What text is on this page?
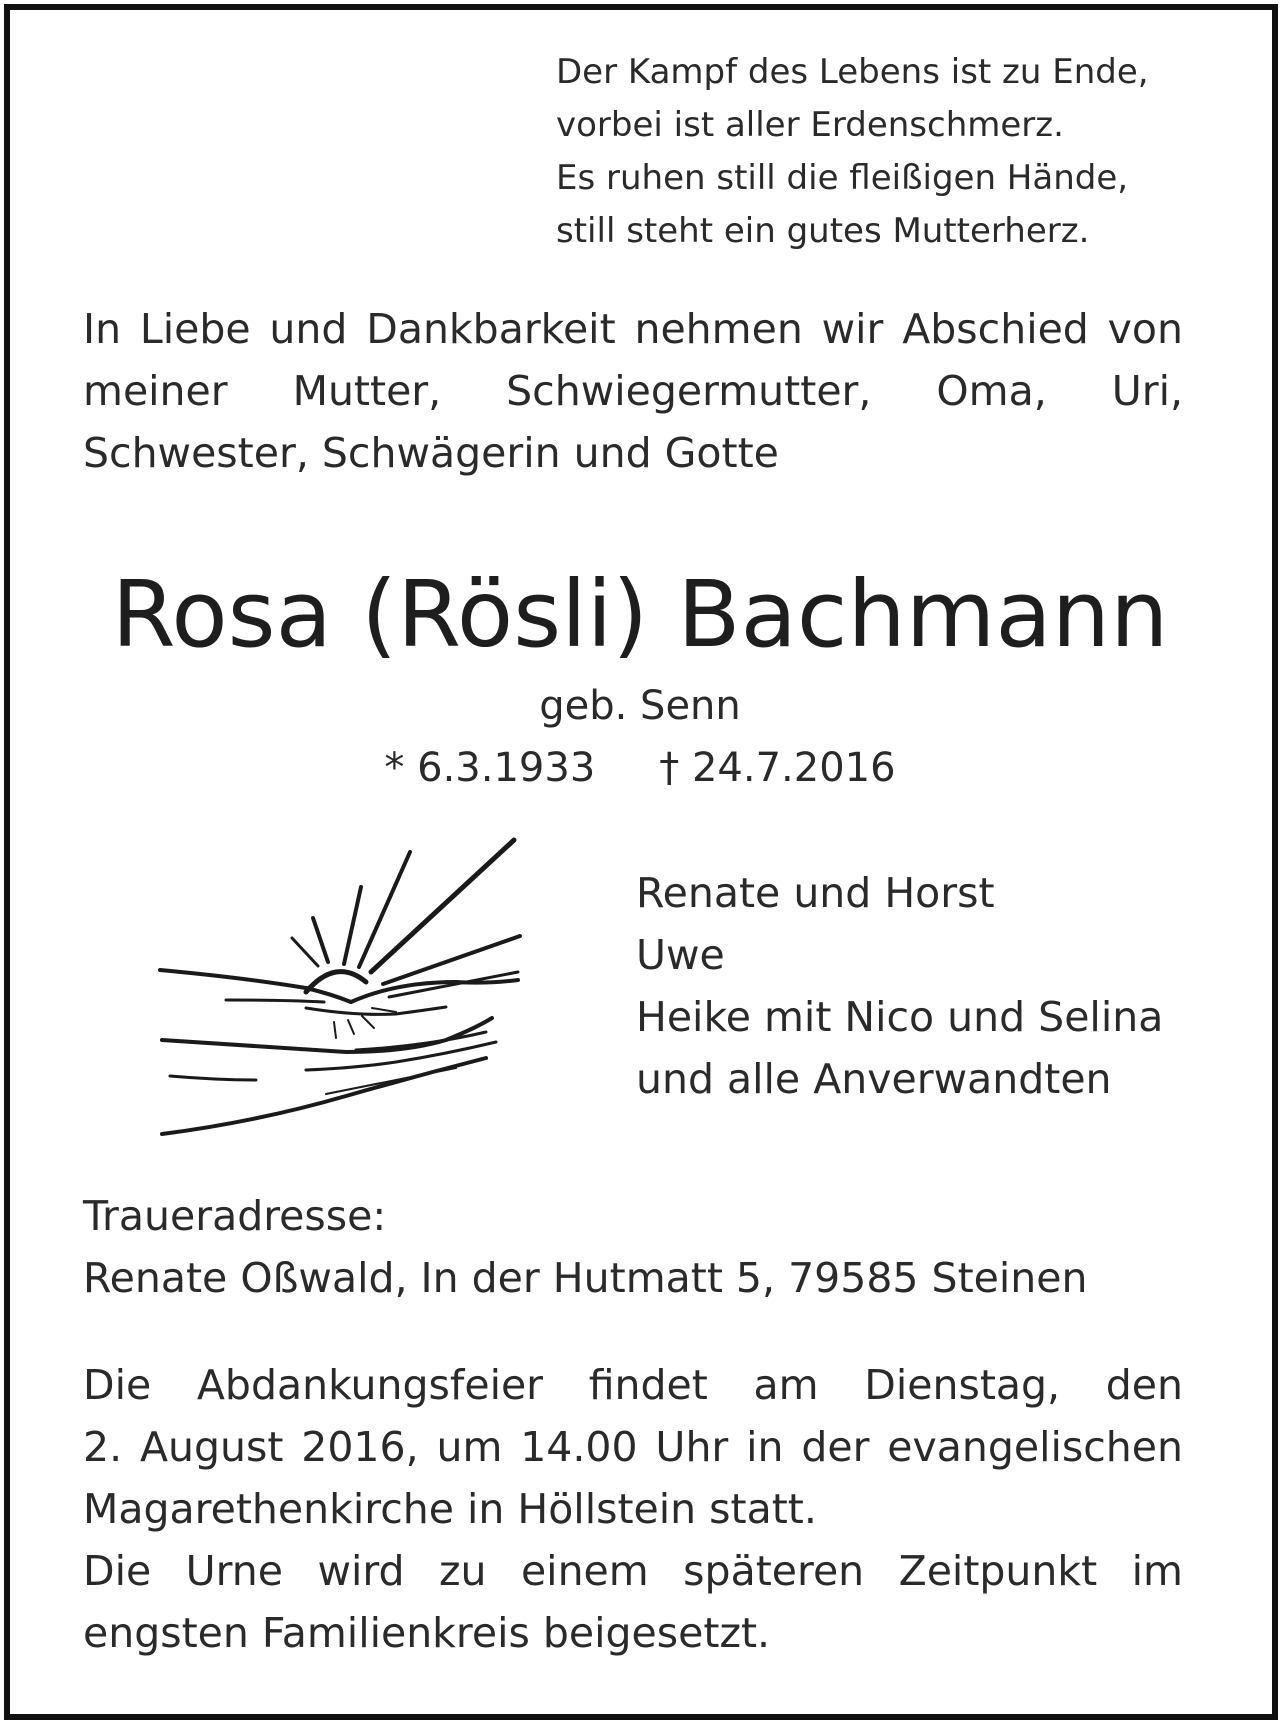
Der Kampf des Lebens ist zu Ende,
vorbei ist aller Erdenschmerz.
Es ruhen still die fleißigen Hände,
still steht ein gutes Mutterherz.
In Liebe und Dankbarkeit nehmen wir Abschied von
meiner Mutter, Schwiegermutter, Oma, Uri,
Schwester, Schwägerin und Gotte
Rosa (Rösli) Bachmann
geb. Senn
* 6.3.1933 † 24.7.2016
Renate und Horst
Uwe
Heike mit Nico und Selina
und alle Anverwandten
Traueradresse:
Renate Oßwald, In der Hutmatt 5, 79585 Steinen
Die Abdankungsfeier findet am Dienstag, den
2. August 2016, um 14.00 Uhr in der evangelischen
Magarethenkirche in Höllstein statt.
Die Urne wird zu einem späteren Zeitpunkt im
engsten Familienkreis beigesetzt.
